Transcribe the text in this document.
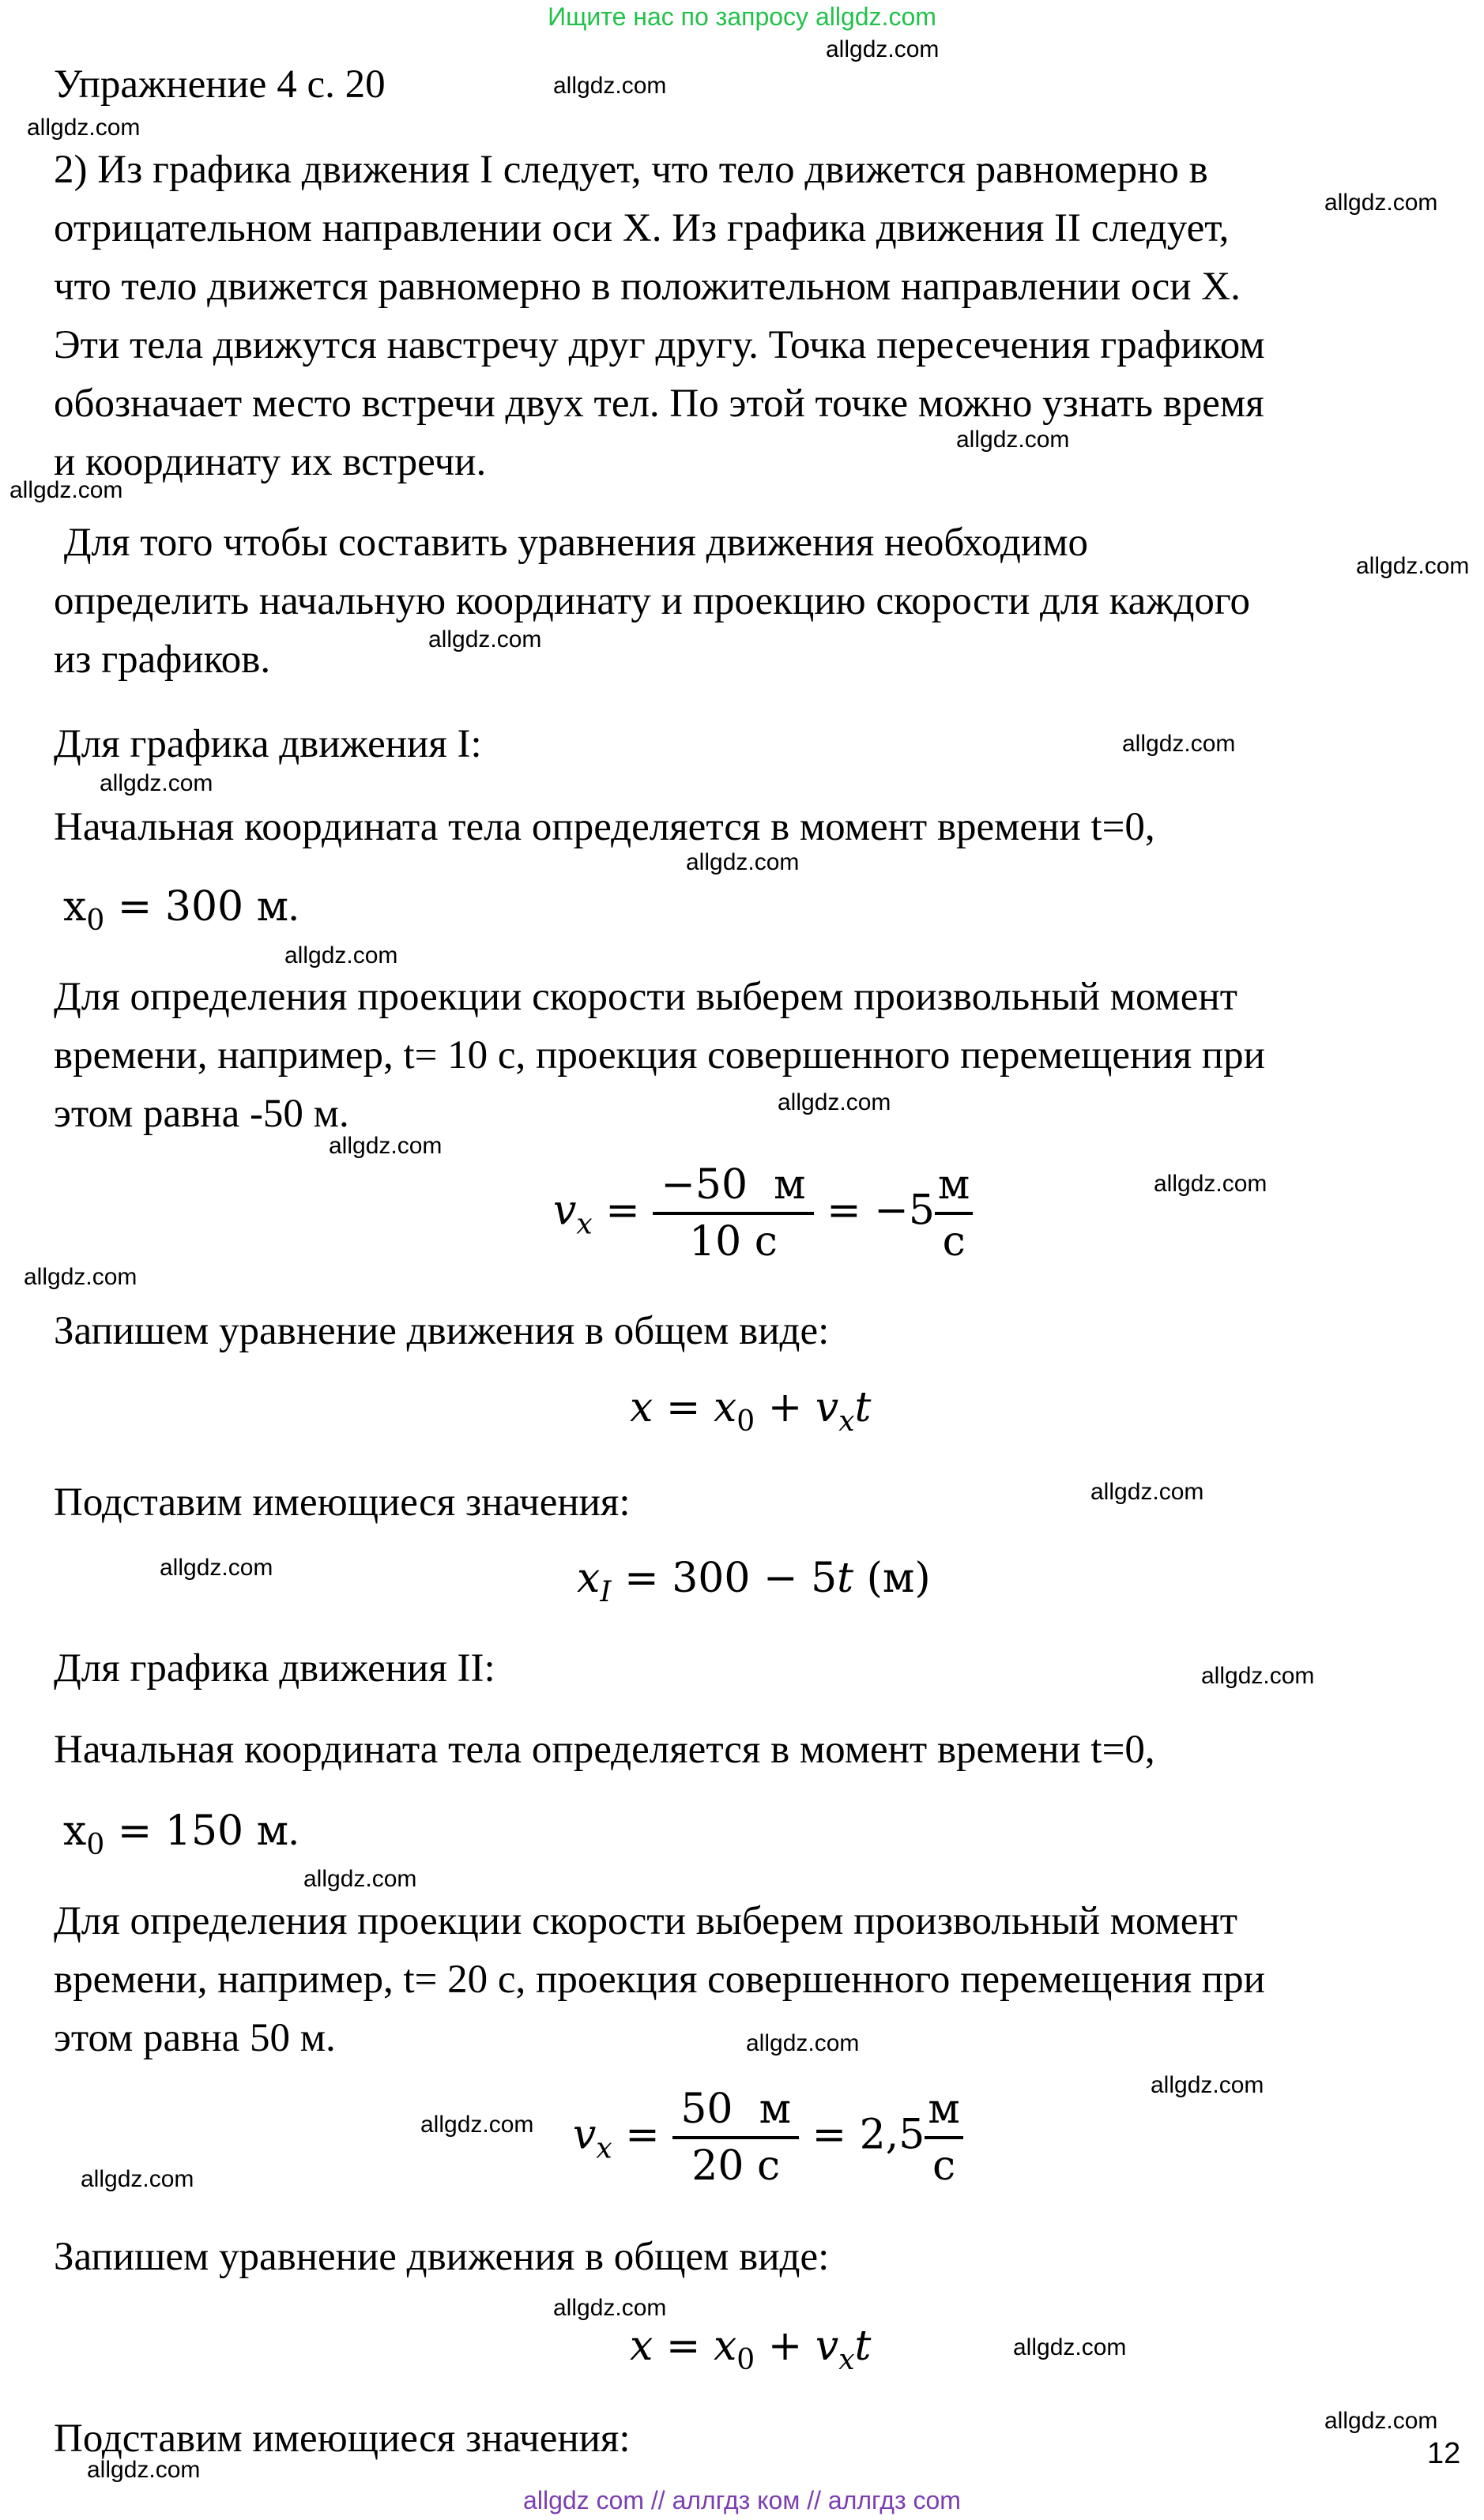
Ищите нас по запросу allgdz.com
allgdz com // аллгдз ком // аллгдз com
12
Упражнение 4 с. 20
2) Из графика движения I следует, что тело движется равномерно в
отрицательном направлении оси X. Из графика движения II следует,
что тело движется равномерно в положительном направлении оси X.
Эти тела движутся навстречу друг другу. Точка пересечения графиком
обозначает место встречи двух тел. По этой точке можно узнать время
и координату их встречи.
Для того чтобы составить уравнения движения необходимо
определить начальную координату и проекцию скорости для каждого
из графиков.
Для графика движения I:
Начальная координата тела определяется в момент времени t=0,
$x_0 = 300$ м.
Для определения проекции скорости выберем произвольный момент
времени, например, t= 10 с, проекция совершенного перемещения при
этом равна -50 м.
$v_x = \frac{-50 м}{10 с} = -5 \frac{м}{с}$
Запишем уравнение движения в общем виде:
$x = x_0 + v_xt$
Подставим имеющиеся значения:
$x_I = 300 - 5t$ (м)
Для графика движения II:
Начальная координата тела определяется в момент времени t=0,
$x_0 = 150$ м.
Для определения проекции скорости выберем произвольный момент
времени, например, t= 20 с, проекция совершенного перемещения при
этом равна 50 м.
$v_x = \frac{50 м}{20 с} = 2,5 \frac{м}{с}$
Запишем уравнение движения в общем виде:
$x = x_0 + v_xt$
Подставим имеющиеся значения:
allgdz.com
allgdz.com
allgdz.com
allgdz.com
allgdz.com
allgdz.com
allgdz.com
allgdz.com
allgdz.com
allgdz.com
allgdz.com
allgdz.com
allgdz.com
allgdz.com
allgdz.com
allgdz.com
allgdz.com
allgdz.com
allgdz.com
allgdz.com
allgdz.com
allgdz.com
allgdz.com
allgdz.com
allgdz.com
allgdz.com
allgdz.com
allgdz.com
